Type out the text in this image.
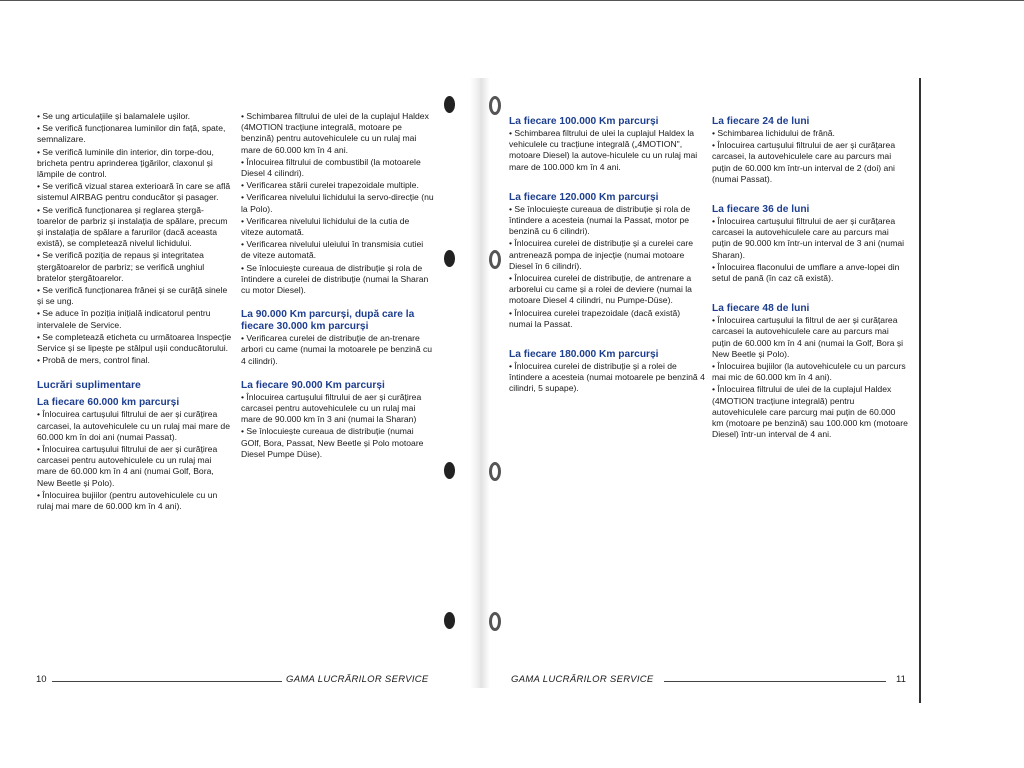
• Se ung articulațiile și balamalele ușilor.

• Se verifică funcționarea luminilor din față, spate, semnalizare.

• Se verifică luminile din interior, din torpe-dou, bricheta pentru aprinderea țigărilor, claxonul și lămpile de control.

• Se verifică vizual starea exterioară în care se află sistemul AIRBAG pentru conducător și pasager.

• Se verifică funcționarea și reglarea ștergă-toarelor de parbriz și instalația de spălare, precum și instalația de spălare a farurilor (dacă aceasta există), se completează nivelul lichidului.

• Se verifică poziția de repaus și integritatea ștergătoarelor de parbriz; se verifică unghiul bratelor ștergătoarelor.

• Se verifică funcționarea frânei și se curăță sinele și se ung.

• Se aduce în poziția inițială indicatorul pentru intervalele de Service.

• Se completează eticheta cu următoarea Inspecție Service și se lipește pe stâlpul ușii conducătorului.

• Probă de mers, control final.

Lucrări suplimentare
La fiecare 60.000 km parcurși

• Înlocuirea cartușului filtrului de aer și curățirea carcasei, la autovehiculele cu un rulaj mai mare de 60.000 km în doi ani (numai Passat).

• Înlocuirea cartușului filtrului de aer și curățirea carcasei pentru autovehiculele cu un rulaj mai mare de 60.000 km în 4 ani (numai Golf, Bora, New Beetle și Polo).

• Înlocuirea bujiilor (pentru autovehiculele cu un rulaj mai mare de 60.000 km în 4 ani).

• Schimbarea filtrului de ulei de la cuplajul Haldex (4MOTION tracțiune integrală, motoare pe benzină) pentru autovehiculele cu un rulaj mai mare de 60.000 km în 4 ani.

• Înlocuirea filtrului de combustibil (la motoarele Diesel 4 cilindri).

• Verificarea stării curelei trapezoidale multiple.

• Verificarea nivelului lichidului la servo-direcție (nu la Polo).

• Verificarea nivelului lichidului de la cutia de viteze automată.

• Verificarea nivelului uleiului în transmisia cutiei de viteze automată.

• Se înlocuiește cureaua de distribuție și rola de întindere a curelei de distribuție (numai la Sharan cu motor Diesel).

La 90.000 Km parcurși, după care la fiecare 30.000 km parcurși

• Verificarea curelei de distribuție de an-trenare arbori cu came (numai la motoarele pe benzină cu 4 cilindri).

La fiecare 90.000 Km parcurși

• Înlocuirea cartușului filtrului de aer și curățirea carcasei pentru autovehiculele cu un rulaj mai mare de 90.000 km în 3 ani (numai la Sharan)

• Se înlocuiește cureaua de distribuție (numai GOlf, Bora, Passat, New Beetle și Polo motoare Diesel Pumpe Düse).

La fiecare 100.000 Km parcurși

• Schimbarea filtrului de ulei la cuplajul Haldex la vehiculele cu tracțiune integrală („4MOTION", motoare Diesel) la autove-hiculele cu un rulaj mai mare de 100.000 km în 4 ani.

La fiecare 120.000 Km parcurși

• Se înlocuiește cureaua de distribuție și rola de întindere a acesteia (numai la Passat, motor pe benzină cu 6 cilindri).

• Înlocuirea curelei de distribuție și a curelei care antrenează pompa de injecție (numai motoare Diesel în 6 cilindri).

• Înlocuirea curelei de distribuție, de antrenare a arborelui cu came și a rolei de deviere (numai la motoare Diesel 4 cilindri, nu Pumpe-Düse).

• Înlocuirea curelei trapezoidale (dacă există) numai la Passat.

La fiecare 180.000 Km parcurși

• Înlocuirea curelei de distribuție și a rolei de întindere a acesteia (numai motoarele pe benzină 4 cilindri, 5 supape).

La fiecare 24 de luni

• Schimbarea lichidului de frână.

• Înlocuirea cartușului filtrului de aer și curățarea carcasei, la autovehiculele care au parcurs mai puțin de 60.000 km într-un interval de 2 (doi) ani (numai Passat).

La fiecare 36 de luni

• Înlocuirea cartușului filtrului de aer și curățarea carcasei la autovehiculele care au parcurs mai puțin de 90.000 km într-un interval de 3 ani (numai Sharan).

• Înlocuirea flaconului de umflare a anve-lopei din setul de pană (în caz că există).

La fiecare 48 de luni

• Înlocuirea cartușului la filtrul de aer și curățarea carcasei la autovehiculele care au parcurs mai puțin de 60.000 km în 4 ani (numai la Golf, Bora și New Beetle și Polo).

• Înlocuirea bujiilor (la autovehiculele cu un parcurs mai mic de 60.000 km în 4 ani).

• Înlocuirea filtrului de ulei de la cuplajul Haldex (4MOTION tracțiune integrală) pentru autovehiculele care parcurg mai puțin de 60.000 km (motoare pe benzină) sau 100.000 km (motoare Diesel) într-un interval de 4 ani.

10	GAMA LUCRĂRILOR SERVICE	GAMA LUCRĂRILOR SERVICE	11
